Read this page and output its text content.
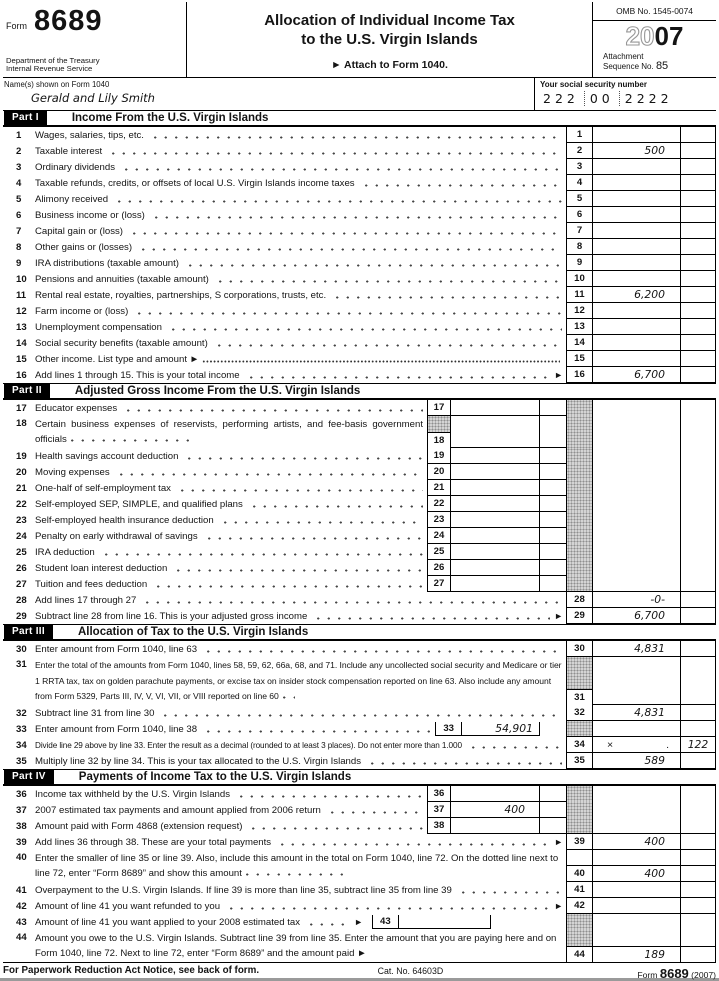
Form 8689
Department of the Treasury
Internal Revenue Service
Allocation of Individual Income Tax
to the U.S. Virgin Islands
► Attach to Form 1040.
OMB No. 1545-0074
2007
Attachment
Sequence No. 85
Name(s) shown on Form 1040
Gerald and Lily Smith
Your social security number
222 00 2222
Part I	Income From the U.S. Virgin Islands
1	Wages, salaries, tips, etc.	1
2	Taxable interest	2	500
3	Ordinary dividends	3
4	Taxable refunds, credits, or offsets of local U.S. Virgin Islands income taxes	4
5	Alimony received	5
6	Business income or (loss)	6
7	Capital gain or (loss)	7
8	Other gains or (losses)	8
9	IRA distributions (taxable amount)	9
10 Pensions and annuities (taxable amount)	10
11 Rental real estate, royalties, partnerships, S corporations, trusts, etc.	11	6,200
12 Farm income or (loss)	12
13 Unemployment compensation	13
14 Social security benefits (taxable amount)	14
15 Other income. List type and amount ►	15
16 Add lines 1 through 15. This is your total income	►	16	6,700
Part II	Adjusted Gross Income From the U.S. Virgin Islands
17 Educator expenses	17
18 Certain business expenses of reservists, performing artists, and fee-basis government officials	18
19 Health savings account deduction	19
20 Moving expenses	20
21 One-half of self-employment tax	21
22 Self-employed SEP, SIMPLE, and qualified plans	22
23 Self-employed health insurance deduction	23
24 Penalty on early withdrawal of savings	24
25 IRA deduction	25
26 Student loan interest deduction	26
27 Tuition and fees deduction	27
28 Add lines 17 through 27	28	-0-
29 Subtract line 28 from line 16. This is your adjusted gross income	►	29	6,700
Part III	Allocation of Tax to the U.S. Virgin Islands
30 Enter amount from Form 1040, line 63	30	4,831
31 Enter the total of the amounts from Form 1040, lines 58, 59, 62, 66a, 68, and 71. Include any uncollected social security and Medicare or tier 1 RRTA tax, tax on golden parachute payments, or excise tax on insider stock compensation reported on line 63. Also include any amount from Form 5329, Parts III, IV, V, VI, VII, or VIII reported on line 60	31
32 Subtract line 31 from line 30	32	4,831
33 Enter amount from Form 1040, line 38	33	54,901
34	Divide line 29 above by line 33. Enter the result as a decimal (rounded to at least 3 places). Do not enter more than 1.000	34	×	. 122
35 Multiply line 32 by line 34. This is your tax allocated to the U.S. Virgin Islands	35	589
Part IV	Payments of Income Tax to the U.S. Virgin Islands
36 Income tax withheld by the U.S. Virgin Islands	36
37 2007 estimated tax payments and amount applied from 2006 return	37	400
38 Amount paid with Form 4868 (extension request)	38
39 Add lines 36 through 38. These are your total payments	►	39	400
40 Enter the smaller of line 35 or line 39. Also, include this amount in the total on Form 1040, line 72. On the dotted line next to line 72, enter “Form 8689” and show this amount	40	400
41 Overpayment to the U.S. Virgin Islands. If line 39 is more than line 35, subtract line 35 from line 39	41
42 Amount of line 41 you want refunded to you	►	42
43 Amount of line 41 you want applied to your 2008 estimated tax	►	43
44 Amount you owe to the U.S. Virgin Islands. Subtract line 39 from line 35. Enter the amount that you are paying here and on Form 1040, line 72. Next to line 72, enter “Form 8689” and the amount paid ►	44	189
For Paperwork Reduction Act Notice, see back of form.	Cat. No. 64603D	Form 8689 (2007)
